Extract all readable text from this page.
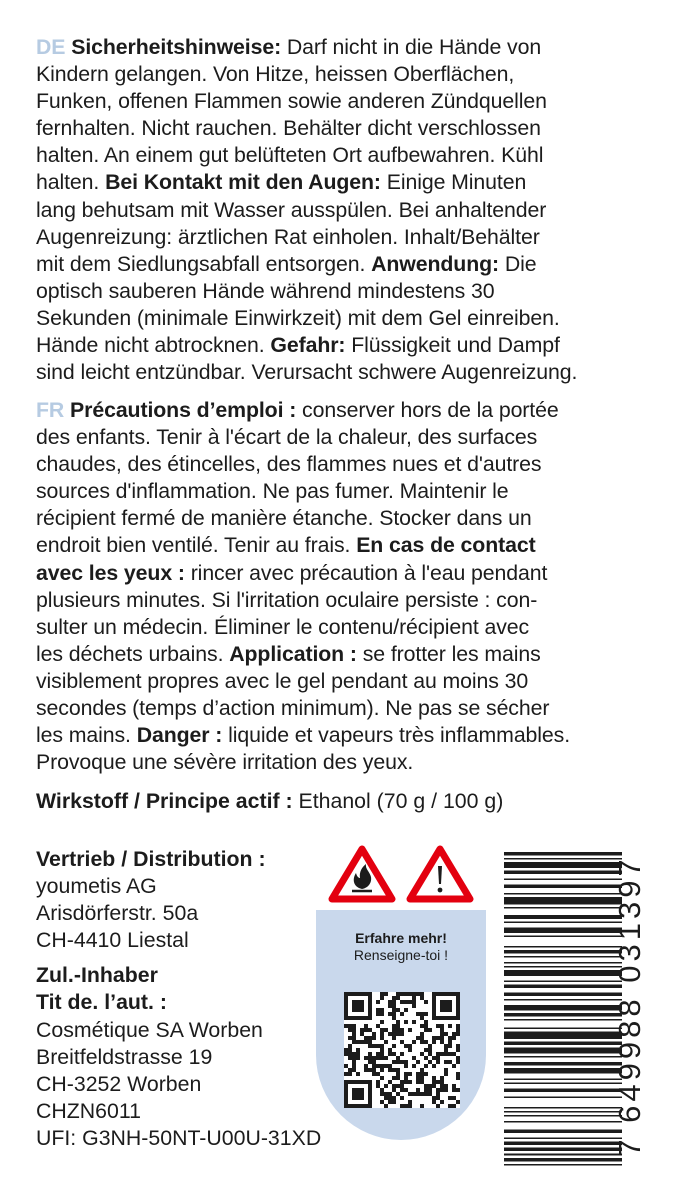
DE Sicherheitshinweise: Darf nicht in die Hände von

Kindern gelangen. Von Hitze, heissen Oberflächen,

Funken, offenen Flammen sowie anderen Zündquellen

fernhalten. Nicht rauchen. Behälter dicht verschlossen

halten. An einem gut belüfteten Ort aufbewahren. Kühl

halten. Bei Kontakt mit den Augen: Einige Minuten

lang behutsam mit Wasser ausspülen. Bei anhaltender

Augenreizung: ärztlichen Rat einholen. Inhalt/Behälter

mit dem Siedlungsabfall entsorgen. Anwendung: Die

optisch sauberen Hände während mindestens 30

Sekunden (minimale Einwirkzeit) mit dem Gel einreiben.

Hände nicht abtrocknen. Gefahr: Flüssigkeit und Dampf

sind leicht entzündbar. Verursacht schwere Augenreizung.

FR Précautions d’emploi : conserver hors de la portée

des enfants. Tenir à l'écart de la chaleur, des surfaces

chaudes, des étincelles, des flammes nues et d'autres

sources d'inflammation. Ne pas fumer. Maintenir le

récipient fermé de manière étanche. Stocker dans un

endroit bien ventilé. Tenir au frais. En cas de contact

avec les yeux : rincer avec précaution à l'eau pendant

plusieurs minutes. Si l'irritation oculaire persiste : con-

sulter un médecin. Éliminer le contenu/récipient avec

les déchets urbains. Application : se frotter les mains

visiblement propres avec le gel pendant au moins 30

secondes (temps d’action minimum). Ne pas se sécher

les mains. Danger : liquide et vapeurs très inflammables.

Provoque une sévère irritation des yeux.

Wirkstoff / Principe actif : Ethanol (70 g / 100 g)

Vertrieb / Distribution :

youmetis AG

Arisdörferstr. 50a

CH-4410 Liestal

Zul.-Inhaber

Tit de. l’aut. :

Cosmétique SA Worben

Breitfeldstrasse 19

CH-3252 Worben

CHZN6011

UFI: G3NH-50NT-U00U-31XD

Erfahre mehr!
Renseigne-toi !	7 649988 031397
